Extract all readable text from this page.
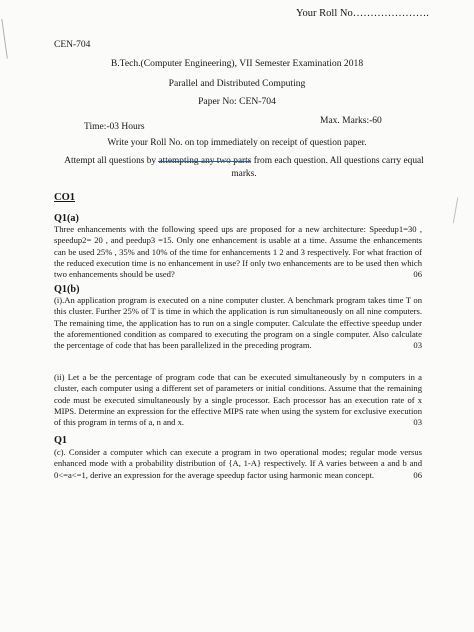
Your Roll No………………….
CEN-704
B.Tech.(Computer Engineering), VII Semester Examination 2018
Parallel and Distributed Computing
Paper No: CEN-704
Time:-03 Hours
Max. Marks:-60
Write your Roll No. on top immediately on receipt of question paper.
Attempt all questions by attempting any two parts from each question. All questions carry equal marks.
CO1
Q1(a)
Three enhancements with the following speed ups are proposed for a new architecture: Speedup1=30 , speedup2= 20 , and peedup3 =15. Only one enhancement is usable at a time. Assume the enhancements can be used 25% , 35% and 10% of the time for enhancements 1 2 and 3 respectively. For what fraction of the reduced execution time is no enhancement in use? If only two enhancements are to be used then which two enhancements should be used?	06
Q1(b)
(i).An application program is executed on a nine computer cluster. A benchmark program takes time T on this cluster. Further 25% of T is time in which the application is run simultaneously on all nine computers. The remaining time, the application has to run on a single computer. Calculate the effective speedup under the aforementioned condition as compared to executing the program on a single computer. Also calculate the percentage of code that has been parallelized in the preceding program.	03
(ii) Let a be the percentage of program code that can be executed simultaneously by n computers in a cluster, each computer using a different set of parameters or initial conditions. Assume that the remaining code must be executed simultaneously by a single processor. Each processor has an execution rate of x MIPS. Determine an expression for the effective MIPS rate when using the system for exclusive execution of this program in terms of a, n and x.	03
Q1
(c). Consider a computer which can execute a program in two operational modes; regular mode versus enhanced mode with a probability distribution of {A, 1-A} respectively. If A varies between a and b and 0<=a<=1, derive an expression for the average speedup factor using harmonic mean concept.	06
